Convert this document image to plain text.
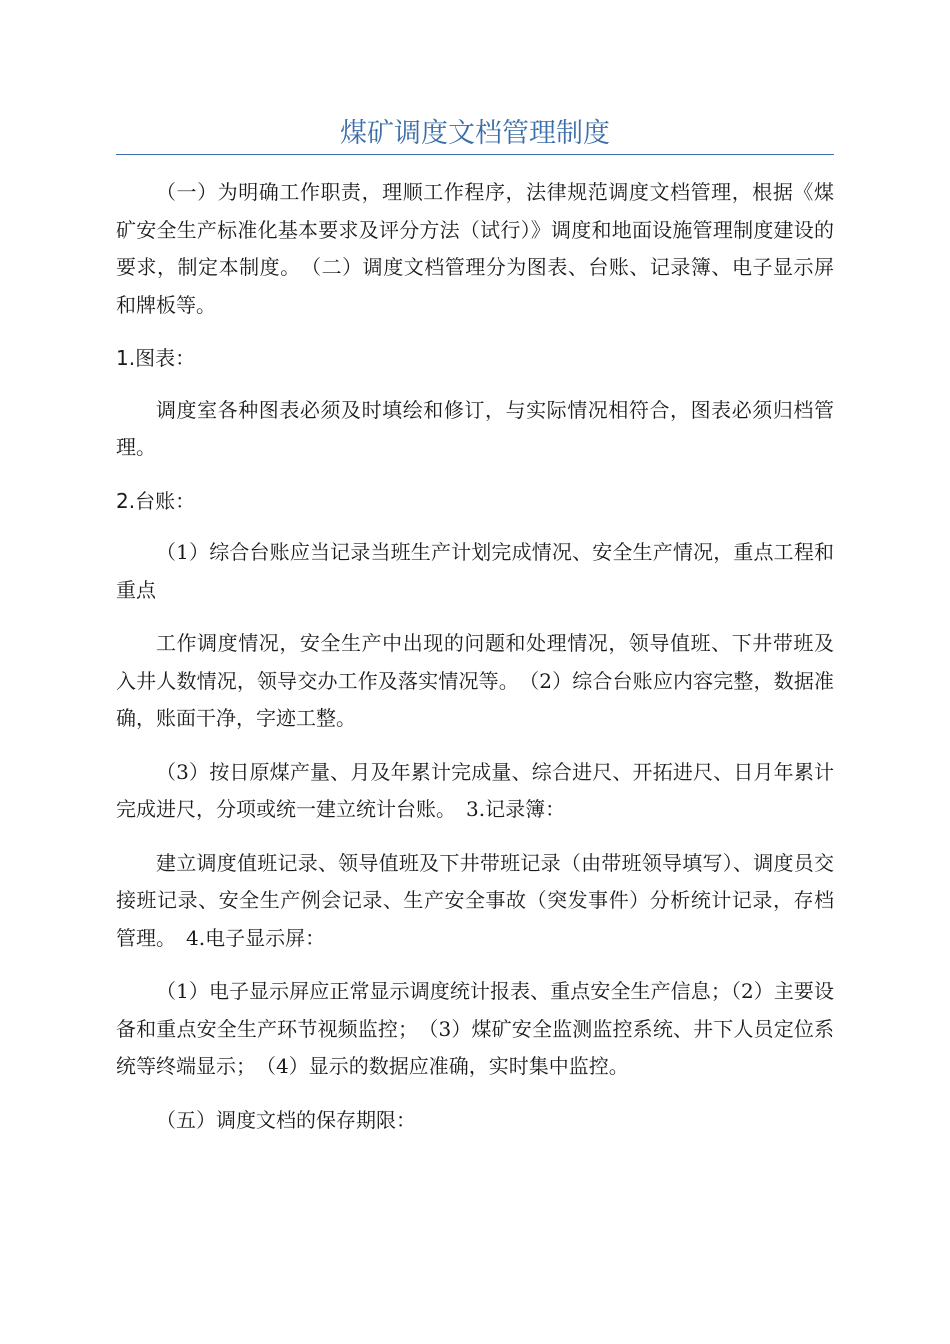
煤矿调度文档管理制度

（一）为明确工作职责，理顺工作程序，法律规范调度文档管理，根据《煤矿安全生产标准化基本要求及评分方法（试行）》调度和地面设施管理制度建设的要求，制定本制度。　（二）调度文档管理分为图表、台账、记录簿、电子显示屏和牌板等。

1.图表：

调度室各种图表必须及时填绘和修订，与实际情况相符合，图表必须归档管理。

2.台账：

（1）综合台账应当记录当班生产计划完成情况、安全生产情况，重点工程和重点

工作调度情况，安全生产中出现的问题和处理情况，领导值班、下井带班及入井人数情况，领导交办工作及落实情况等。　（2）综合台账应内容完整，数据准确，账面干净，字迹工整。

（3）按日原煤产量、月及年累计完成量、综合进尺、开拓进尺、日月年累计完成进尺，分项或统一建立统计台账。　3.记录簿：

建立调度值班记录、领导值班及下井带班记录（由带班领导填写）、调度员交接班记录、安全生产例会记录、生产安全事故（突发事件）分析统计记录，存档管理。　4.电子显示屏：

（1）电子显示屏应正常显示调度统计报表、重点安全生产信息；（2）主要设备和重点安全生产环节视频监控；　（3）煤矿安全监测监控系统、井下人员定位系统等终端显示；　（4）显示的数据应准确，实时集中监控。

（五）调度文档的保存期限：
